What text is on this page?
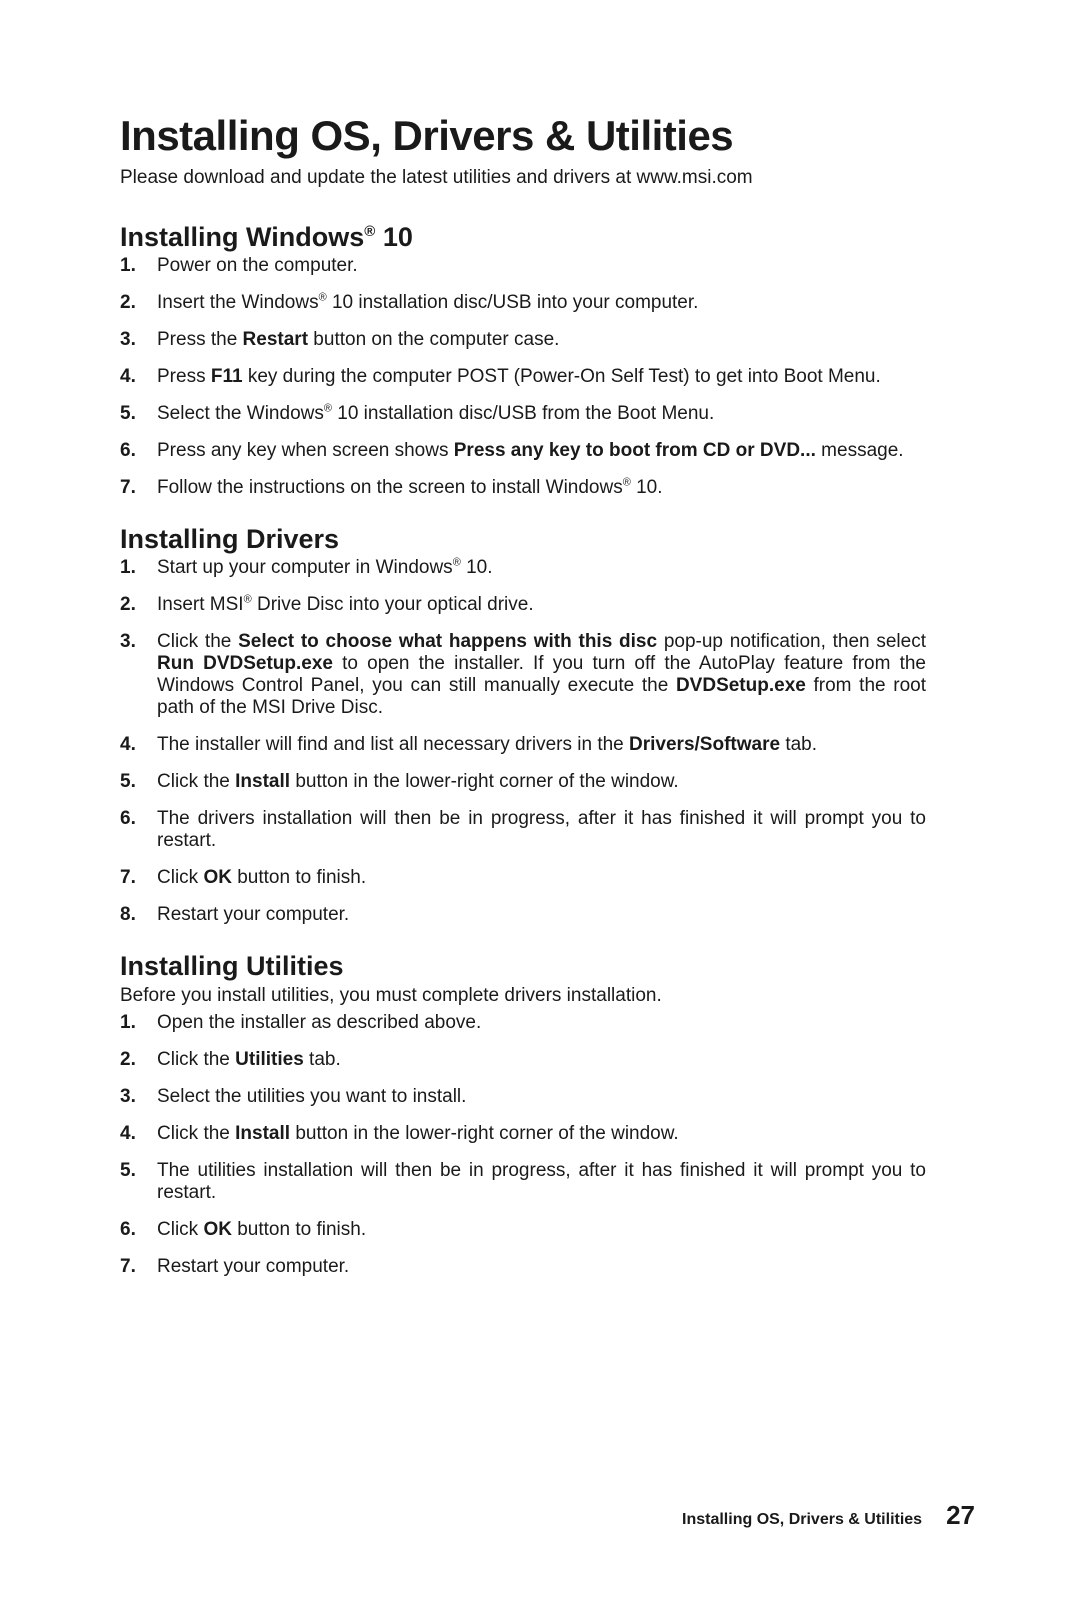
Installing OS, Drivers & Utilities

Please download and update the latest utilities and drivers at www.msi.com

Installing Windows® 10
1. Power on the computer.
2. Insert the Windows® 10 installation disc/USB into your computer.
3. Press the Restart button on the computer case.
4. Press F11 key during the computer POST (Power-On Self Test) to get into Boot Menu.
5. Select the Windows® 10 installation disc/USB from the Boot Menu.
6. Press any key when screen shows Press any key to boot from CD or DVD... message.
7. Follow the instructions on the screen to install Windows® 10.
Installing Drivers
1. Start up your computer in Windows® 10.
2. Insert MSI® Drive Disc into your optical drive.
3. Click the Select to choose what happens with this disc pop-up notification, then select Run DVDSetup.exe to open the installer. If you turn off the AutoPlay feature from the Windows Control Panel, you can still manually execute the DVDSetup.exe from the root path of the MSI Drive Disc.
4. The installer will find and list all necessary drivers in the Drivers/Software tab.
5. Click the Install button in the lower-right corner of the window.
6. The drivers installation will then be in progress, after it has finished it will prompt you to restart.
7. Click OK button to finish.
8. Restart your computer.
Installing Utilities

Before you install utilities, you must complete drivers installation.

1. Open the installer as described above.
2. Click the Utilities tab.
3. Select the utilities you want to install.
4. Click the Install button in the lower-right corner of the window.
5. The utilities installation will then be in progress, after it has finished it will prompt you to restart.
6. Click OK button to finish.
7. Restart your computer.
Installing OS, Drivers & Utilities 27
